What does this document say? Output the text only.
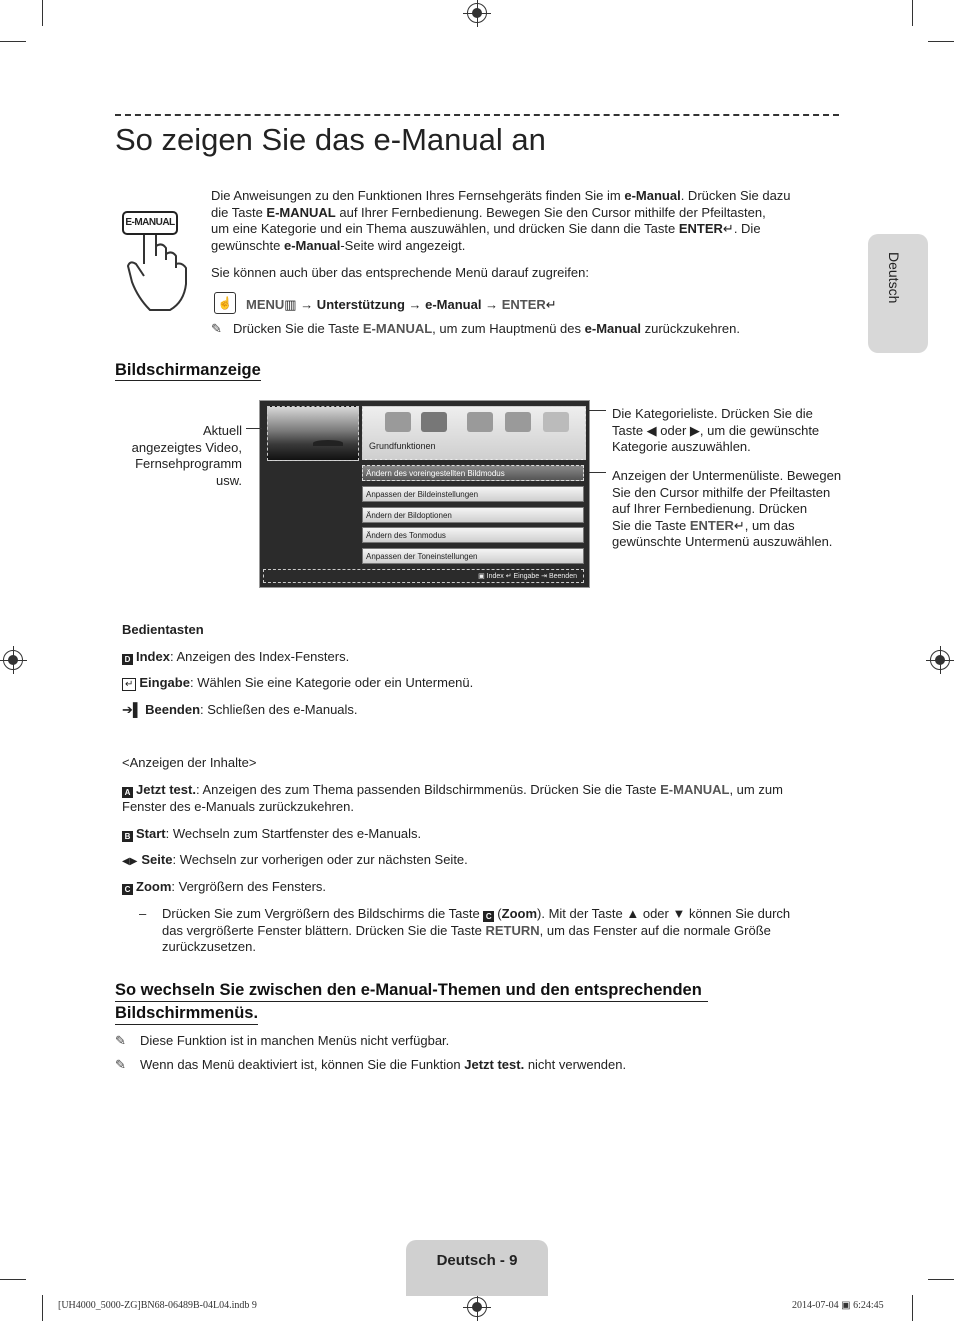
So zeigen Sie das e-Manual an
Deutsch
E-MANUAL
Die Anweisungen zu den Funktionen Ihres Fernsehgeräts finden Sie im e-Manual. Drücken Sie dazu
die Taste E-MANUAL auf Ihrer Fernbedienung. Bewegen Sie den Cursor mithilfe der Pfeiltasten,
um eine Kategorie und ein Thema auszuwählen, und drücken Sie dann die Taste ENTER↵. Die
gewünschte e-Manual-Seite wird angezeigt.
Sie können auch über das entsprechende Menü darauf zugreifen:
☝ MENU▥ → Unterstützung → e-Manual → ENTER↵
✎ Drücken Sie die Taste E-MANUAL, um zum Hauptmenü des e-Manual zurückzukehren.
Bildschirmanzeige
Grundfunktionen
Ändern des voreingestellten Bildmodus
Anpassen der Bildeinstellungen
Ändern der Bildoptionen
Ändern des Tonmodus
Anpassen der Toneinstellungen
▣ Index ↵ Eingabe ⇥ Beenden
Aktuell
angezeigtes Video,
Fernsehprogramm
usw.
Die Kategorieliste. Drücken Sie die
Taste ◀ oder ▶, um die gewünschte
Kategorie auszuwählen.
Anzeigen der Untermenüliste. Bewegen
Sie den Cursor mithilfe der Pfeiltasten
auf Ihrer Fernbedienung. Drücken
Sie die Taste ENTER↵, um das
gewünschte Untermenü auszuwählen.
Bedientasten
D Index: Anzeigen des Index-Fensters.
↵ Eingabe: Wählen Sie eine Kategorie oder ein Untermenü.
➔▌ Beenden: Schließen des e-Manuals.
<Anzeigen der Inhalte>
A Jetzt test.: Anzeigen des zum Thema passenden Bildschirmmenüs. Drücken Sie die Taste E-MANUAL, um zum
Fenster des e-Manuals zurückzukehren.
B Start: Wechseln zum Startfenster des e-Manuals.
◀▶ Seite: Wechseln zur vorherigen oder zur nächsten Seite.
C Zoom: Vergrößern des Fensters.
– Drücken Sie zum Vergrößern des Bildschirms die Taste C (Zoom). Mit der Taste ▲ oder ▼ können Sie durch
das vergrößerte Fenster blättern. Drücken Sie die Taste RETURN, um das Fenster auf die normale Größe
zurückzusetzen.
So wechseln Sie zwischen den e-Manual-Themen und den entsprechenden
Bildschirmmenüs.
✎ Diese Funktion ist in manchen Menüs nicht verfügbar.
✎ Wenn das Menü deaktiviert ist, können Sie die Funktion Jetzt test. nicht verwenden.
Deutsch - 9
[UH4000_5000-ZG]BN68-06489B-04L04.indb 9	2014-07-04 ▣ 6:24:45
